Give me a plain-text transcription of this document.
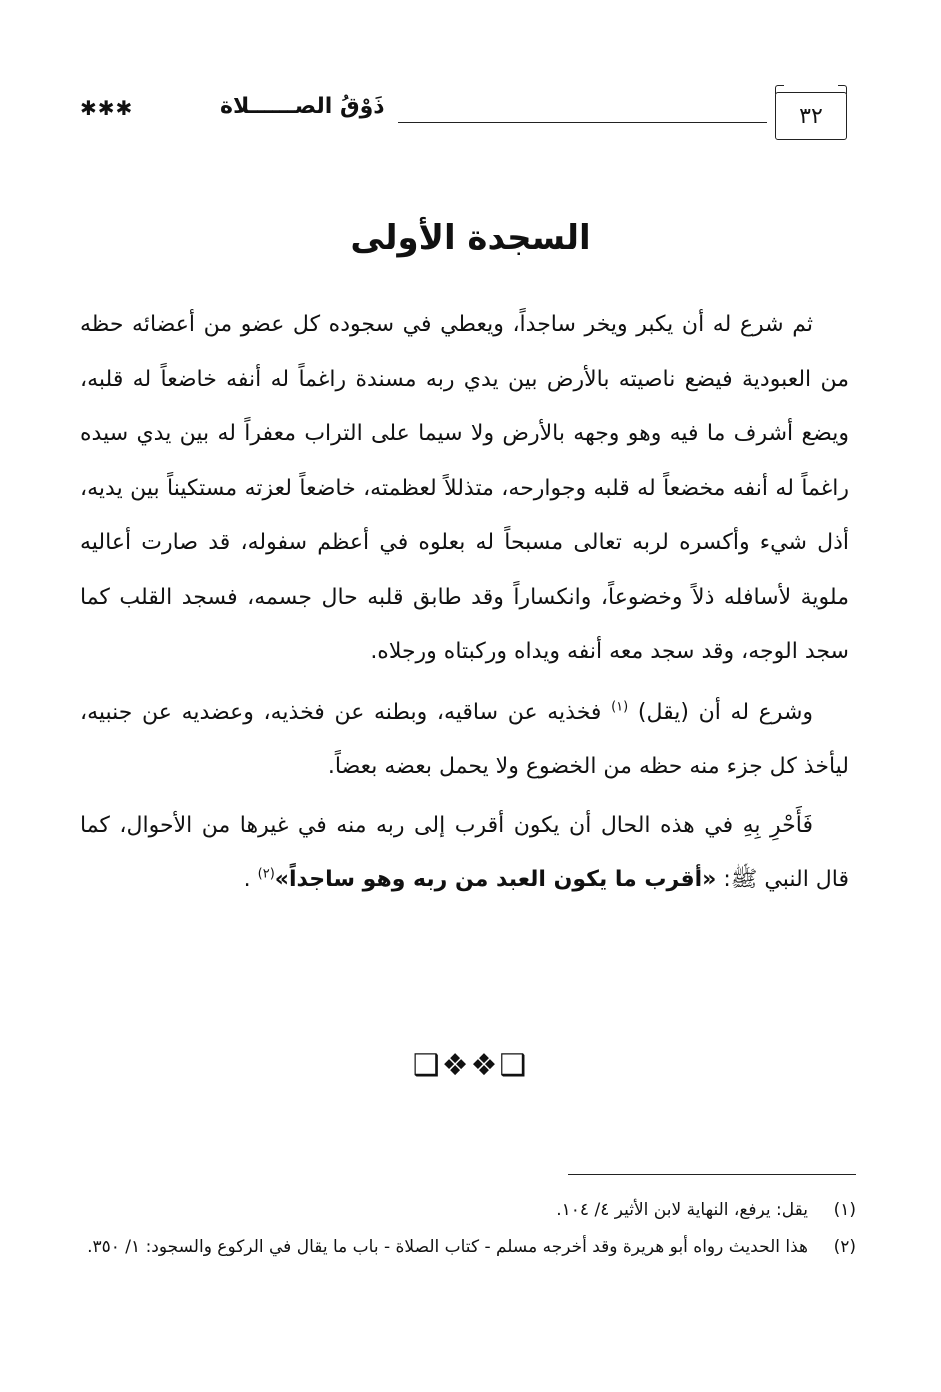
✱✱✱	ذَوْقُ الصــــــلاة	٣٢
السجدة الأولى

ثم شرع له أن يكبر ويخر ساجداً، ويعطي في سجوده كل عضو من أعضائه حظه من العبودية فيضع ناصيته بالأرض بين يدي ربه مسندة راغماً له أنفه خاضعاً له قلبه، ويضع أشرف ما فيه وهو وجهه بالأرض ولا سيما على التراب معفراً له بين يدي سيده راغماً له أنفه مخضعاً له قلبه وجوارحه، متذللاً لعظمته، خاضعاً لعزته مستكيناً بين يديه، أذل شيء وأكسره لربه تعالى مسبحاً له بعلوه في أعظم سفوله، قد صارت أعاليه ملوية لأسافله ذلاً وخضوعاً، وانكساراً وقد طابق قلبه حال جسمه، فسجد القلب كما سجد الوجه، وقد سجد معه أنفه ويداه وركبتاه ورجلاه.

وشرع له أن (يقل) $^{(١)}$ فخذيه عن ساقيه، وبطنه عن فخذيه، وعضديه عن جنبيه، ليأخذ كل جزء منه حظه من الخضوع ولا يحمل بعضه بعضاً.

فَأَحْرِ بِهِ في هذه الحال أن يكون أقرب إلى ربه منه في غيرها من الأحوال، كما قال النبي ﷺ: «أقرب ما يكون العبد من ربه وهو ساجداً»$^{(٢)}$ .

❑❖❖❑
(١)
يقل: يرفع، النهاية لابن الأثير ٤/ ١٠٤.
(٢)
هذا الحديث رواه أبو هريرة وقد أخرجه مسلم - كتاب الصلاة - باب ما يقال في الركوع والسجود: ١/ ٣٥٠.
